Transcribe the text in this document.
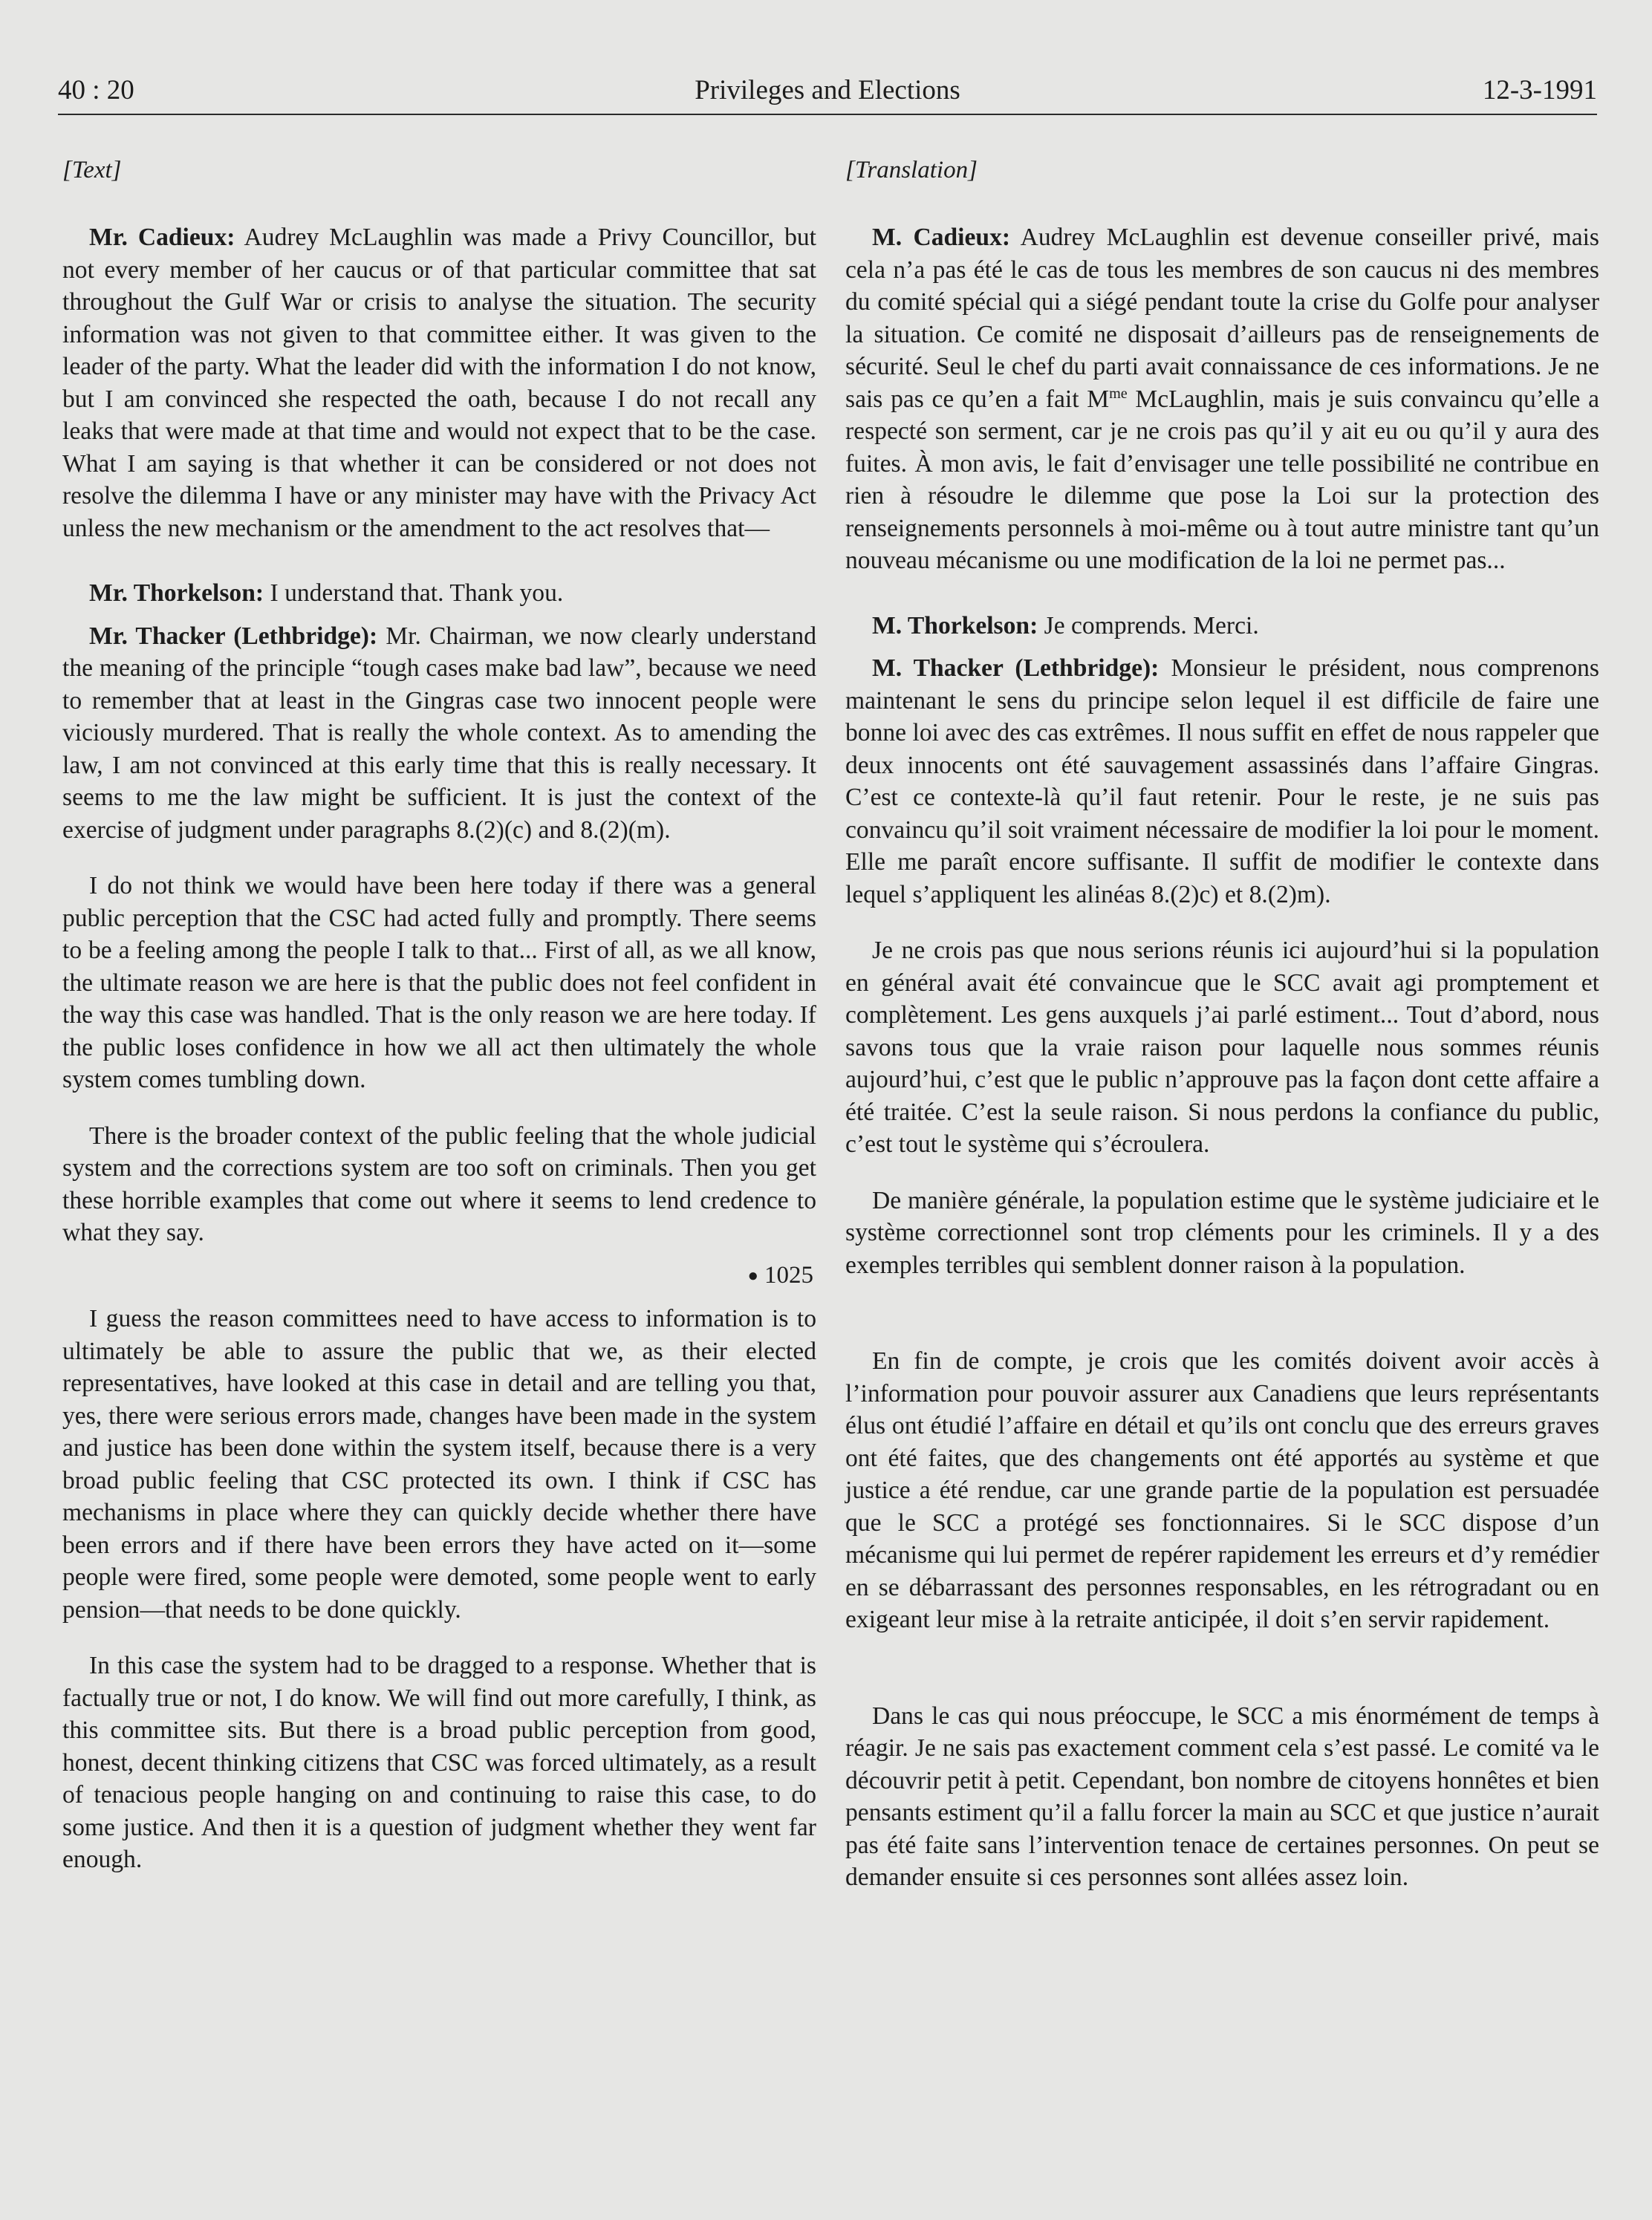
40 : 20	Privileges and Elections	12-3-1991
[Text]

Mr. Cadieux: Audrey McLaughlin was made a Privy Councillor, but not every member of her caucus or of that particular committee that sat throughout the Gulf War or crisis to analyse the situation. The security information was not given to that committee either. It was given to the leader of the party. What the leader did with the information I do not know, but I am convinced she respected the oath, because I do not recall any leaks that were made at that time and would not expect that to be the case. What I am saying is that whether it can be considered or not does not resolve the dilemma I have or any minister may have with the Privacy Act unless the new mechanism or the amendment to the act resolves that—

Mr. Thorkelson: I understand that. Thank you.

Mr. Thacker (Lethbridge): Mr. Chairman, we now clearly understand the meaning of the principle “tough cases make bad law”, because we need to remember that at least in the Gingras case two innocent people were viciously murdered. That is really the whole context. As to amending the law, I am not convinced at this early time that this is really necessary. It seems to me the law might be sufficient. It is just the context of the exercise of judgment under paragraphs 8.(2)(c) and 8.(2)(m).

I do not think we would have been here today if there was a general public perception that the CSC had acted fully and promptly. There seems to be a feeling among the people I talk to that... First of all, as we all know, the ultimate reason we are here is that the public does not feel confident in the way this case was handled. That is the only reason we are here today. If the public loses confidence in how we all act then ultimately the whole system comes tumbling down.

There is the broader context of the public feeling that the whole judicial system and the corrections system are too soft on criminals. Then you get these horrible examples that come out where it seems to lend credence to what they say.

● 1025

I guess the reason committees need to have access to information is to ultimately be able to assure the public that we, as their elected representatives, have looked at this case in detail and are telling you that, yes, there were serious errors made, changes have been made in the system and justice has been done within the system itself, because there is a very broad public feeling that CSC protected its own. I think if CSC has mechanisms in place where they can quickly decide whether there have been errors and if there have been errors they have acted on it—some people were fired, some people were demoted, some people went to early pension—that needs to be done quickly.

In this case the system had to be dragged to a response. Whether that is factually true or not, I do know. We will find out more carefully, I think, as this committee sits. But there is a broad public perception from good, honest, decent thinking citizens that CSC was forced ultimately, as a result of tenacious people hanging on and continuing to raise this case, to do some justice. And then it is a question of judgment whether they went far enough.

[Translation]

M. Cadieux: Audrey McLaughlin est devenue conseiller privé, mais cela n’a pas été le cas de tous les membres de son caucus ni des membres du comité spécial qui a siégé pendant toute la crise du Golfe pour analyser la situation. Ce comité ne disposait d’ailleurs pas de renseignements de sécurité. Seul le chef du parti avait connaissance de ces informations. Je ne sais pas ce qu’en a fait $M^{me}$ McLaughlin, mais je suis convaincu qu’elle a respecté son serment, car je ne crois pas qu’il y ait eu ou qu’il y aura des fuites. À mon avis, le fait d’envisager une telle possibilité ne contribue en rien à résoudre le dilemme que pose la Loi sur la protection des renseignements personnels à moi-même ou à tout autre ministre tant qu’un nouveau mécanisme ou une modification de la loi ne permet pas...

M. Thorkelson: Je comprends. Merci.

M. Thacker (Lethbridge): Monsieur le président, nous comprenons maintenant le sens du principe selon lequel il est difficile de faire une bonne loi avec des cas extrêmes. Il nous suffit en effet de nous rappeler que deux innocents ont été sauvagement assassinés dans l’affaire Gingras. C’est ce contexte-là qu’il faut retenir. Pour le reste, je ne suis pas convaincu qu’il soit vraiment nécessaire de modifier la loi pour le moment. Elle me paraît encore suffisante. Il suffit de modifier le contexte dans lequel s’appliquent les alinéas 8.(2)c) et 8.(2)m).

Je ne crois pas que nous serions réunis ici aujourd’hui si la population en général avait été convaincue que le SCC avait agi promptement et complètement. Les gens auxquels j’ai parlé estiment... Tout d’abord, nous savons tous que la vraie raison pour laquelle nous sommes réunis aujourd’hui, c’est que le public n’approuve pas la façon dont cette affaire a été traitée. C’est la seule raison. Si nous perdons la confiance du public, c’est tout le système qui s’écroulera.

De manière générale, la population estime que le système judiciaire et le système correctionnel sont trop cléments pour les criminels. Il y a des exemples terribles qui semblent donner raison à la population.

En fin de compte, je crois que les comités doivent avoir accès à l’information pour pouvoir assurer aux Canadiens que leurs représentants élus ont étudié l’affaire en détail et qu’ils ont conclu que des erreurs graves ont été faites, que des changements ont été apportés au système et que justice a été rendue, car une grande partie de la population est persuadée que le SCC a protégé ses fonctionnaires. Si le SCC dispose d’un mécanisme qui lui permet de repérer rapidement les erreurs et d’y remédier en se débarrassant des personnes responsables, en les rétrogradant ou en exigeant leur mise à la retraite anticipée, il doit s’en servir rapidement.

Dans le cas qui nous préoccupe, le SCC a mis énormément de temps à réagir. Je ne sais pas exactement comment cela s’est passé. Le comité va le découvrir petit à petit. Cependant, bon nombre de citoyens honnêtes et bien pensants estiment qu’il a fallu forcer la main au SCC et que justice n’aurait pas été faite sans l’intervention tenace de certaines personnes. On peut se demander ensuite si ces personnes sont allées assez loin.
